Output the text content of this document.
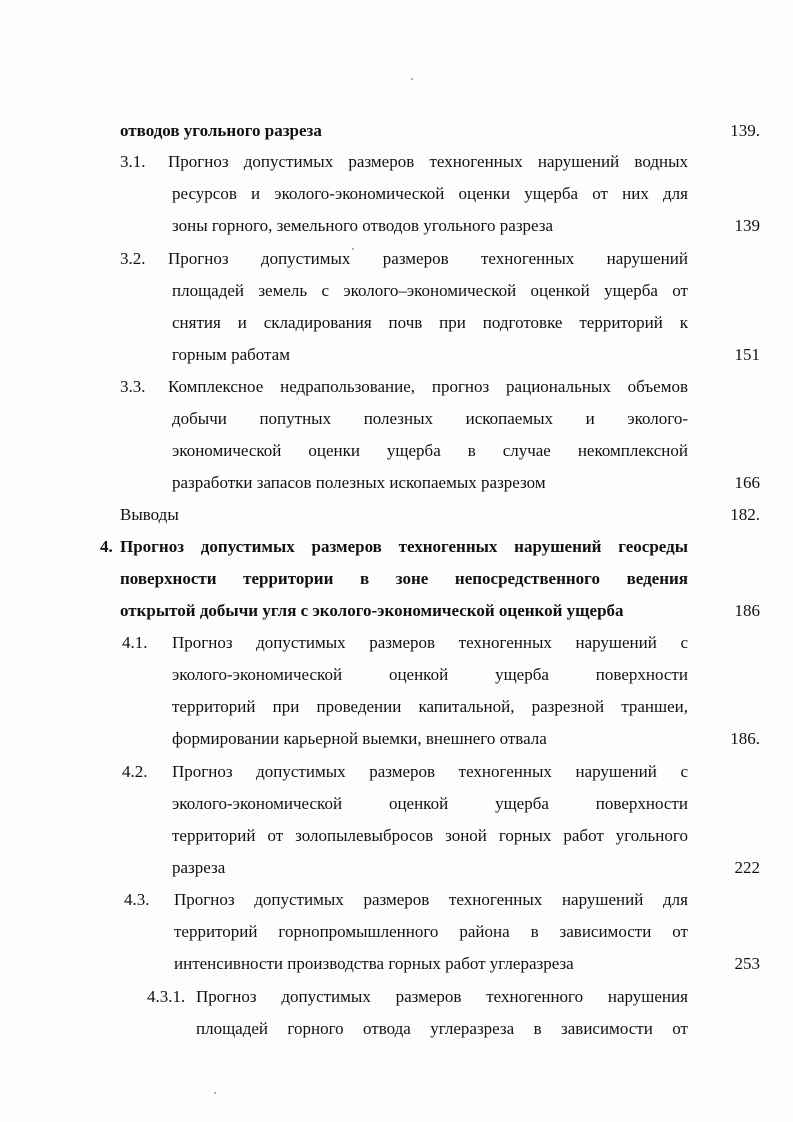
отводов угольного разреза	139.
3.1. Прогноз допустимых размеров техногенных нарушений водных
ресурсов и эколого-экономической оценки ущерба от них для
зоны горного, земельного отводов угольного разреза	139
3.2. Прогноз допустимых размеров техногенных нарушений
площадей земель с эколого–экономической оценкой ущерба от
снятия и складирования почв при подготовке территорий к
горным работам	151
3.3. Комплексное недрапользование, прогноз рациональных объемов
добычи попутных полезных ископаемых и эколого-
экономической оценки ущерба в случае некомплексной
разработки запасов полезных ископаемых разрезом	166
Выводы	182.
4. Прогноз допустимых размеров техногенных нарушений геосреды
поверхности территории в зоне непосредственного ведения
открытой добычи угля с эколого-экономической оценкой ущерба	186
4.1. Прогноз допустимых размеров техногенных нарушений с
эколого-экономической	оценкой	ущерба	поверхности
территорий при проведении капитальной, разрезной траншеи,
формировании карьерной выемки, внешнего отвала	186.
4.2. Прогноз допустимых размеров техногенных нарушений с
эколого-экономической	оценкой	ущерба	поверхности
территорий от золопылевыбросов зоной горных работ угольного
разреза	222
4.3. Прогноз допустимых размеров техногенных нарушений для
территорий горнопромышленного района в зависимости от
интенсивности производства горных работ углеразреза	253
4.3.1. Прогноз допустимых размеров техногенного нарушения
площадей горного отвода углеразреза в зависимости от
